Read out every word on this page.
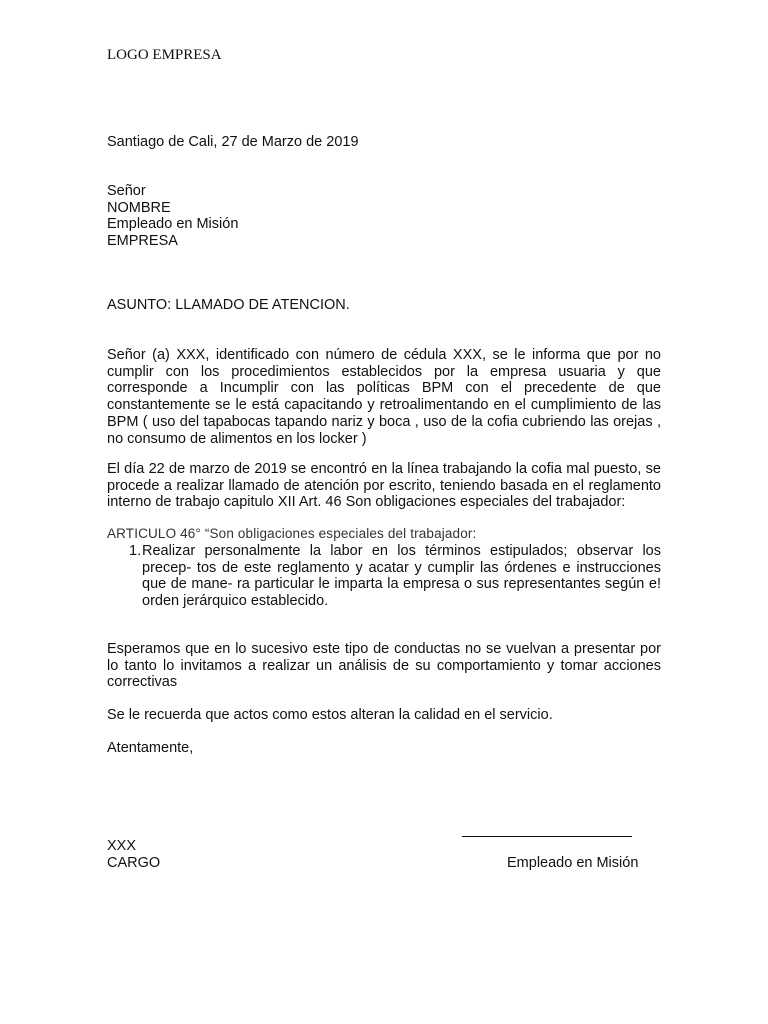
LOGO EMPRESA
Santiago de Cali, 27 de Marzo de 2019
Señor
NOMBRE
Empleado en Misión
EMPRESA
ASUNTO: LLAMADO DE ATENCION.
Señor (a) XXX, identificado con número de cédula XXX, se le informa que por no cumplir con los procedimientos establecidos por la empresa usuaria y que corresponde a Incumplir con las políticas BPM con el precedente de que constantemente se le está capacitando y retroalimentando en el cumplimiento de las BPM ( uso del tapabocas tapando nariz y boca , uso de la cofia cubriendo las orejas , no consumo de alimentos en los locker )
El día 22 de marzo de 2019 se encontró en la línea trabajando la cofia mal puesto, se procede a realizar llamado de atención por escrito, teniendo basada en el reglamento interno de trabajo capitulo XII Art. 46 Son obligaciones especiales del trabajador:
ARTICULO 46° “Son obligaciones especiales del trabajador:
1. Realizar personalmente la labor en los términos estipulados; observar los precep- tos de este reglamento y acatar y cumplir las órdenes e instrucciones que de mane- ra particular le imparta la empresa o sus representantes según e! orden jerárquico establecido.
Esperamos que en lo sucesivo este tipo de conductas no se vuelvan a presentar por lo tanto lo invitamos a realizar un análisis de su comportamiento y tomar acciones correctivas
Se le recuerda que actos como estos alteran la calidad en el servicio.
Atentamente,
XXX
CARGO	Empleado en Misión
